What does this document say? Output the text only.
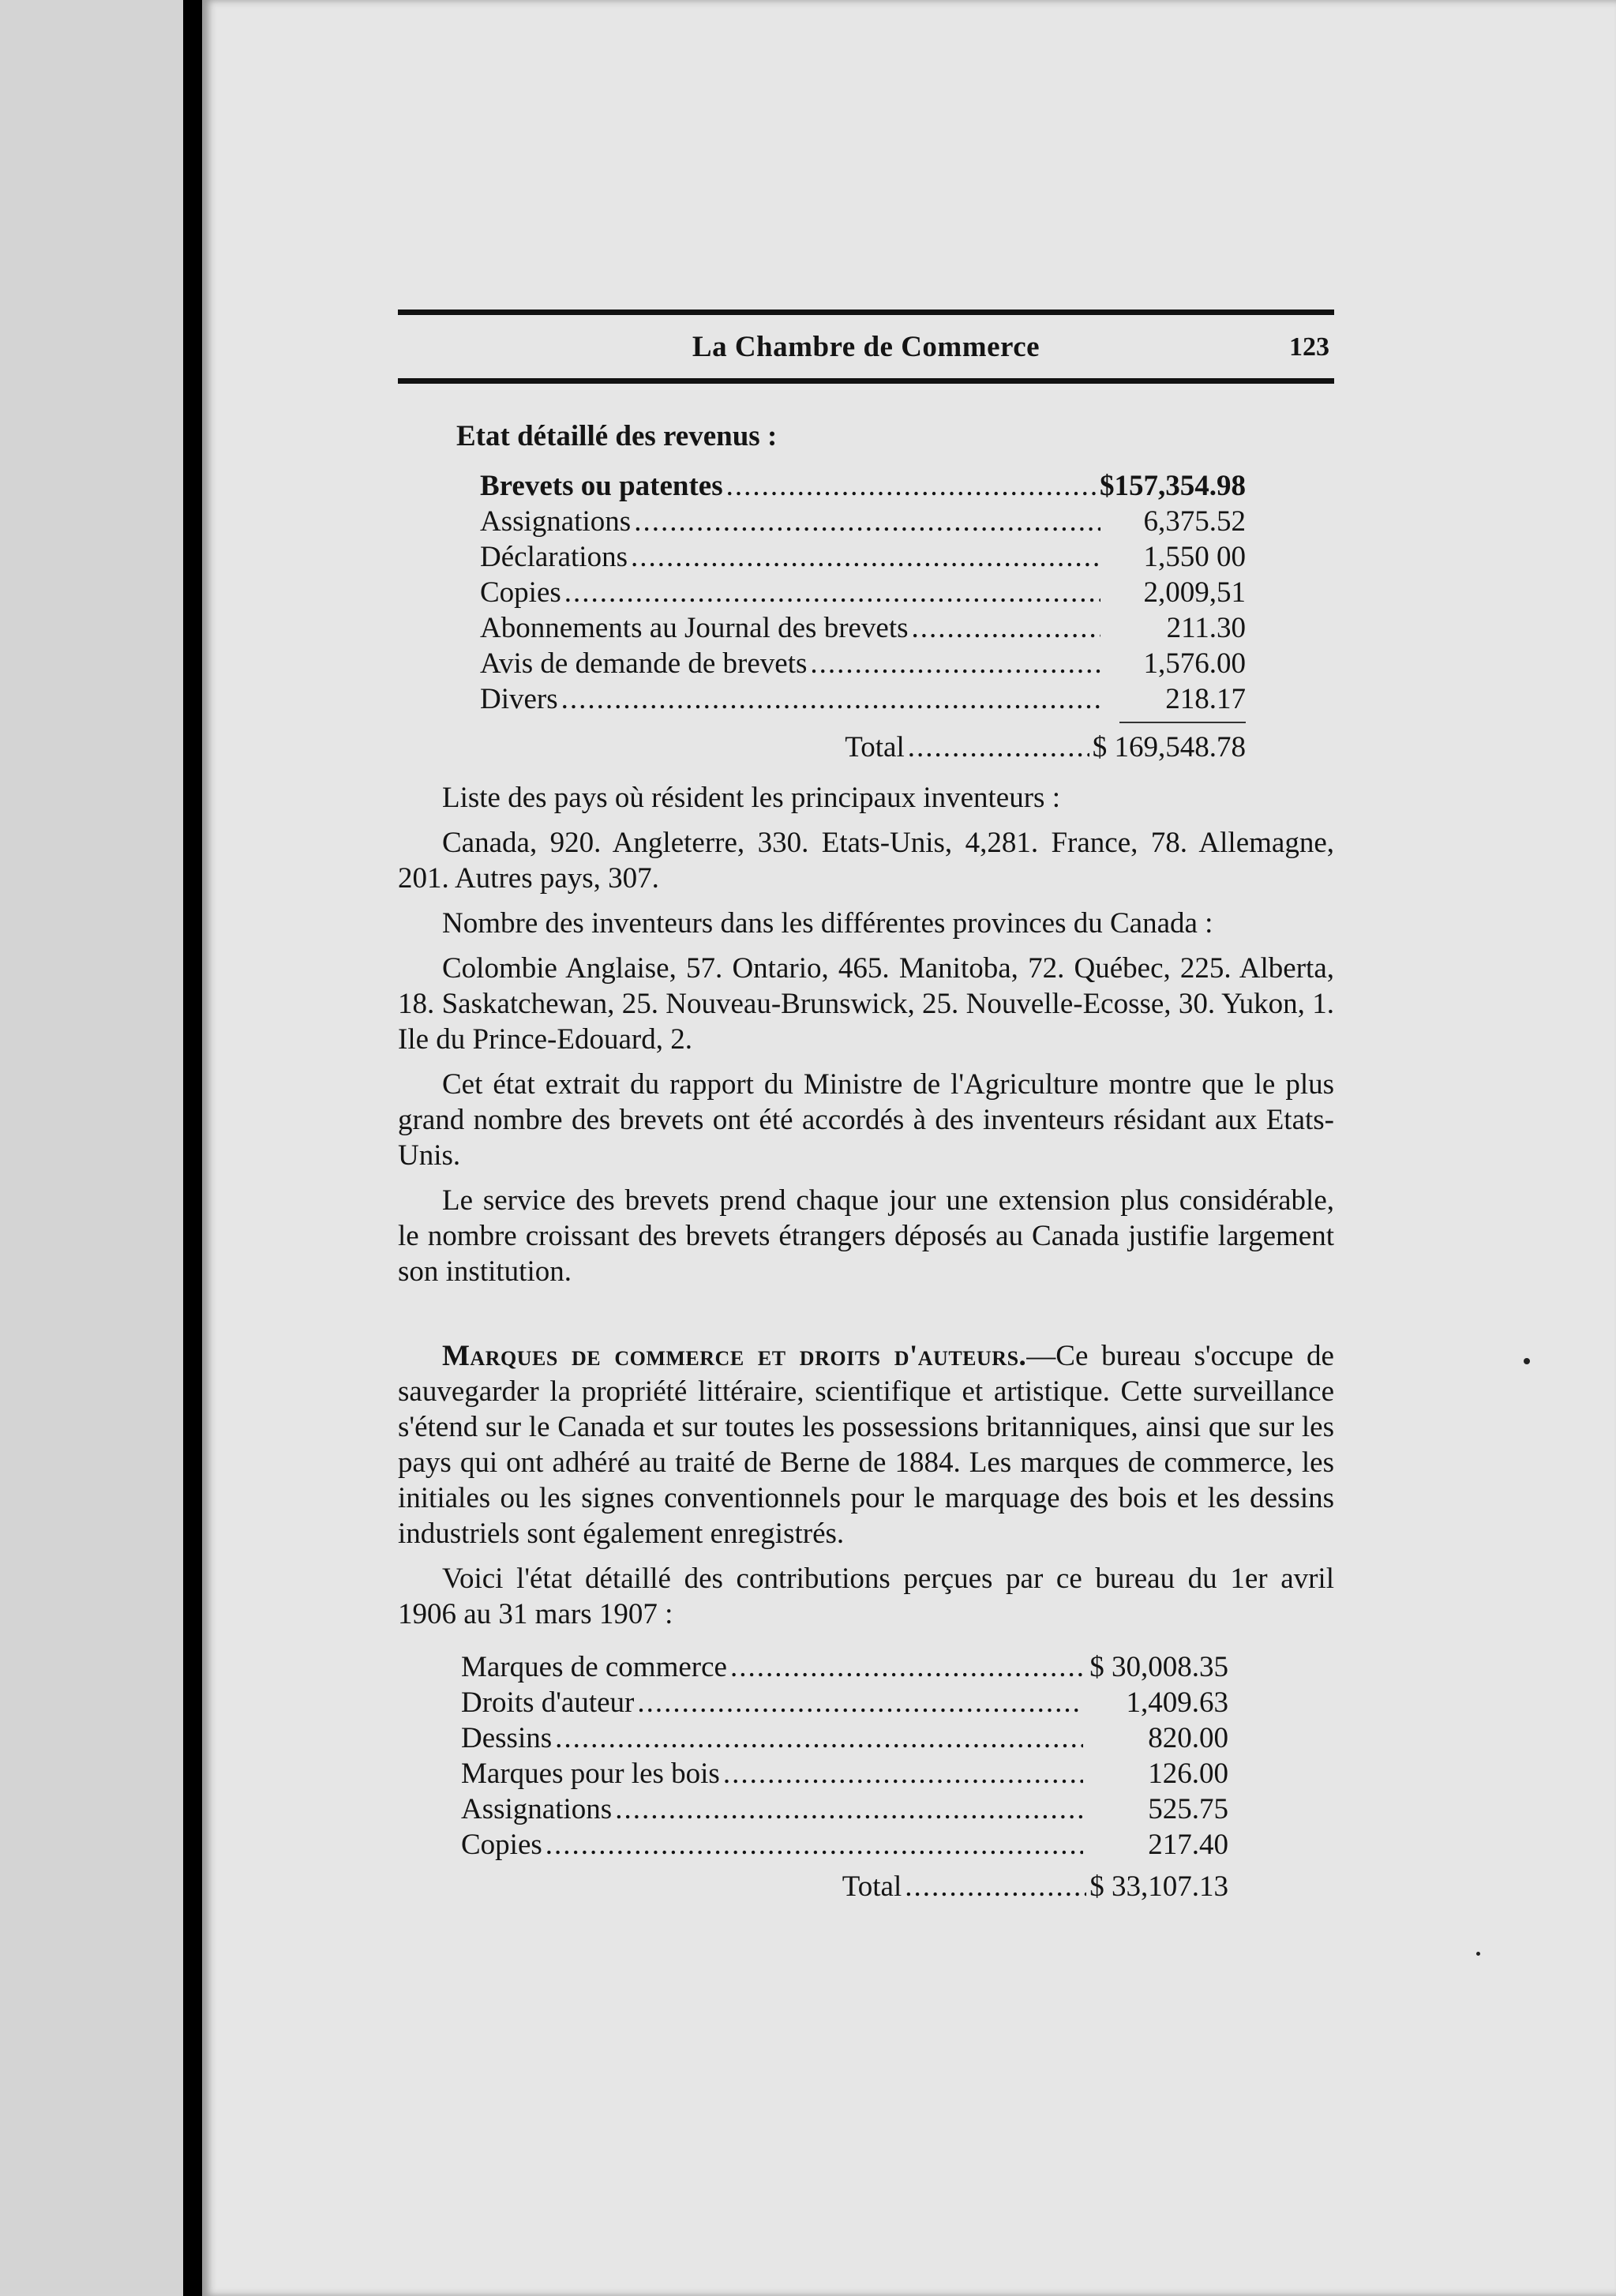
La Chambre de Commerce	123
Etat détaillé des revenus :
Brevets ou patentes .....	$157,354.98
Assignations .....	6,375.52
Déclarations .....	1,550 00
Copies .....	2,009,51
Abonnements au Journal des brevets .....	211.30
Avis de demande de brevets .....	1,576.00
Divers .....	218.17
Total .....	$ 169,548.78

Liste des pays où résident les principaux inventeurs :

Canada, 920. Angleterre, 330. Etats-Unis, 4,281. France, 78. Allemagne, 201. Autres pays, 307.

Nombre des inventeurs dans les différentes provinces du Canada :

Colombie Anglaise, 57. Ontario, 465. Manitoba, 72. Québec, 225. Alberta, 18. Saskatchewan, 25. Nouveau-Brunswick, 25. Nouvelle-Ecosse, 30. Yukon, 1. Ile du Prince-Edouard, 2.

Cet état extrait du rapport du Ministre de l'Agriculture montre que le plus grand nombre des brevets ont été accordés à des inventeurs résidant aux Etats-Unis.

Le service des brevets prend chaque jour une extension plus considérable, le nombre croissant des brevets étrangers déposés au Canada justifie largement son institution.

Marques de commerce et droits d'auteurs.—Ce bureau s'occupe de sauvegarder la propriété littéraire, scientifique et artistique. Cette surveillance s'étend sur le Canada et sur toutes les possessions britanniques, ainsi que sur les pays qui ont adhéré au traité de Berne de 1884. Les marques de commerce, les initiales ou les signes conventionnels pour le marquage des bois et les dessins industriels sont également enregistrés.

Voici l'état détaillé des contributions perçues par ce bureau du 1er avril 1906 au 31 mars 1907 :

Marques de commerce .....	$ 30,008.35
Droits d'auteur .....	1,409.63
Dessins .....	820.00
Marques pour les bois .....	126.00
Assignations .....	525.75
Copies .....	217.40
Total .....	$ 33,107.13
